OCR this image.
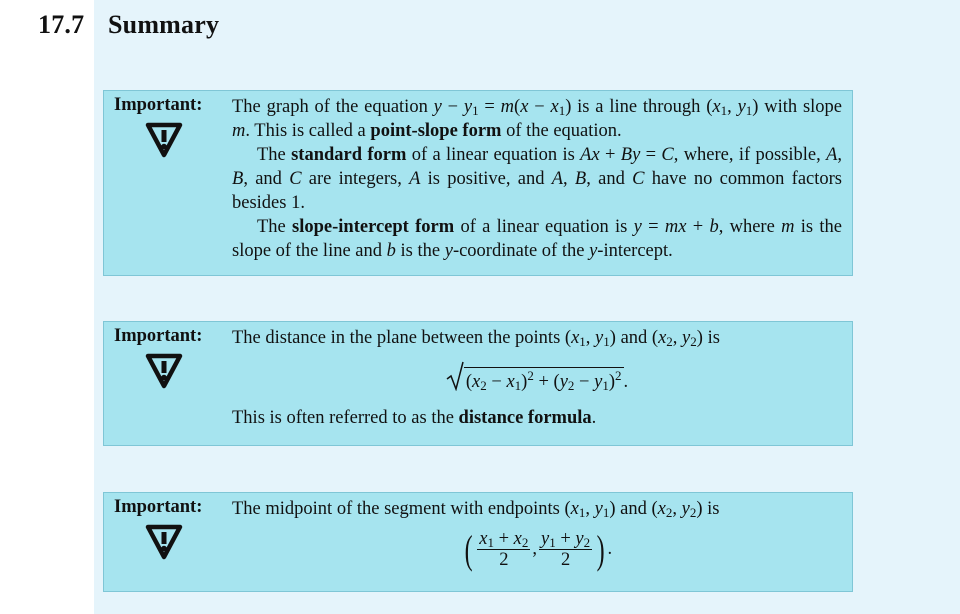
17.7 Summary
Important: The graph of the equation $y - y_1 = m(x - x_1)$ is a line through ($x_1$, $y_1$) with slope m. This is called a point-slope form of the equation.

The standard form of a linear equation is Ax + By = C, where, if possible, A, B, and C are integers, A is positive, and A, B, and C have no common factors besides 1.

The slope-intercept form of a linear equation is y = mx + b, where m is the slope of the line and b is the y-coordinate of the y-intercept.

Important: The distance in the plane between the points ($x_1$, $y_1$) and ($x_2$, $y_2$) is

$(x_2 - x_1)^2 + (y_2 - y_1)^2$ .

This is often referred to as the distance formula.

Important: The midpoint of the segment with endpoints ($x_1$, $y_1$) and ($x_2$, $y_2$) is

( $\frac{x_1 + x_2}{2}$ , $\frac{y_1 + y_2}{2}$ ) .
